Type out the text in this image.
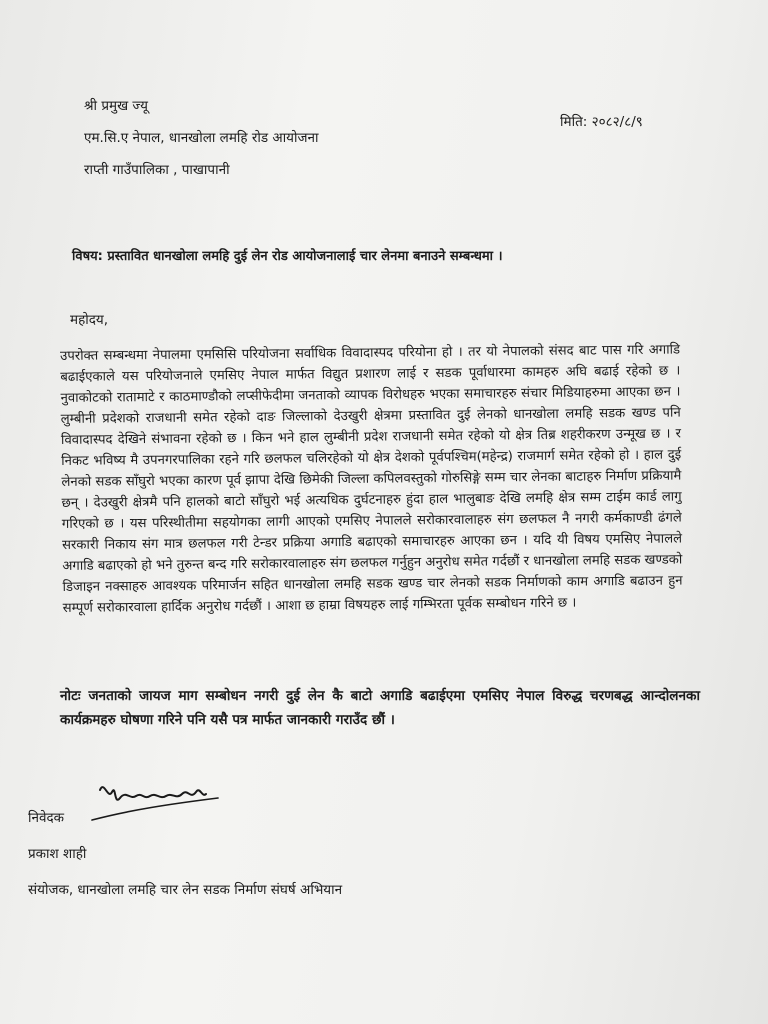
श्री प्रमुख ज्यू
एम.सि.ए नेपाल, धानखोला लमहि रोड आयोजना
राप्ती गाउँपालिका , पाखापानी
मिति: २०८२/८/९
विषय: प्रस्तावित धानखोला लमहि दुई लेन रोड आयोजनालाई चार लेनमा बनाउने सम्बन्धमा ।
महोदय,
उपरोक्त सम्बन्धमा नेपालमा एमसिसि परियोजना सर्वाधिक विवादास्पद परियोना हो । तर यो नेपालको संसद बाट पास गरि अगाडि बढाईएकाले यस परियोजनाले एमसिए नेपाल मार्फत विद्युत प्रशारण लाई र सडक पूर्वाधारमा कामहरु अघि बढाई रहेको छ । नुवाकोटको रातामाटे र काठमाण्डौको लप्सीफेदीमा जनताको व्यापक विरोधहरु भएका समाचारहरु संचार मिडियाहरुमा आएका छन । लुम्बीनी प्रदेशको राजधानी समेत रहेको दाङ जिल्लाको देउखुरी क्षेत्रमा प्रस्तावित दुई लेनको धानखोला लमहि सडक खण्ड पनि विवादास्पद देखिने संभावना रहेको छ । किन भने हाल लुम्बीनी प्रदेश राजधानी समेत रहेको यो क्षेत्र तिब्र शहरीकरण उन्मूख छ । र निकट भविष्य मै उपनगरपालिका रहने गरि छलफल चलिरहेको यो क्षेत्र देशको पूर्वपश्चिम(महेन्द्र) राजमार्ग समेत रहेको हो । हाल दुई लेनको सडक साँघुरो भएका कारण पूर्व झापा देखि छिमेकी जिल्ला कपिलवस्तुको गोरुसिङ्गे सम्म चार लेनका बाटाहरु निर्माण प्रक्रियामै छन् । देउखुरी क्षेत्रमै पनि हालको बाटो साँघुरो भई अत्यधिक दुर्घटनाहरु हुंदा हाल भालुबाङ देखि लमहि क्षेत्र सम्म टाईम कार्ड लागु गरिएको छ । यस परिस्थीतीमा सहयोगका लागी आएको एमसिए नेपालले सरोकारवालाहरु संग छलफल नै नगरी कर्मकाण्डी ढंगले सरकारी निकाय संग मात्र छलफल गरी टेन्डर प्रक्रिया अगाडि बढाएको समाचारहरु आएका छन । यदि यी विषय एमसिए नेपालले अगाडि बढाएको हो भने तुरुन्त बन्द गरि सरोकारवालाहरु संग छलफल गर्नुहुन अनुरोध समेत गर्दछौं र धानखोला लमहि सडक खण्डको डिजाइन नक्साहरु आवश्यक परिमार्जन सहित धानखोला लमहि सडक खण्ड चार लेनको सडक निर्माणको काम अगाडि बढाउन हुन सम्पूर्ण सरोकारवाला हार्दिक अनुरोध गर्दछौं । आशा छ हाम्रा विषयहरु लाई गम्भिरता पूर्वक सम्बोधन गरिने छ ।
नोटः जनताको जायज माग सम्बोधन नगरी दुई लेन कै बाटो अगाडि बढाईएमा एमसिए नेपाल विरुद्ध चरणबद्ध आन्दोलनका कार्यक्रमहरु घोषणा गरिने पनि यसै पत्र मार्फत जानकारी गराउँद छौं ।
निवेदक
प्रकाश शाही
संयोजक, धानखोला लमहि चार लेन सडक निर्माण संघर्ष अभियान
